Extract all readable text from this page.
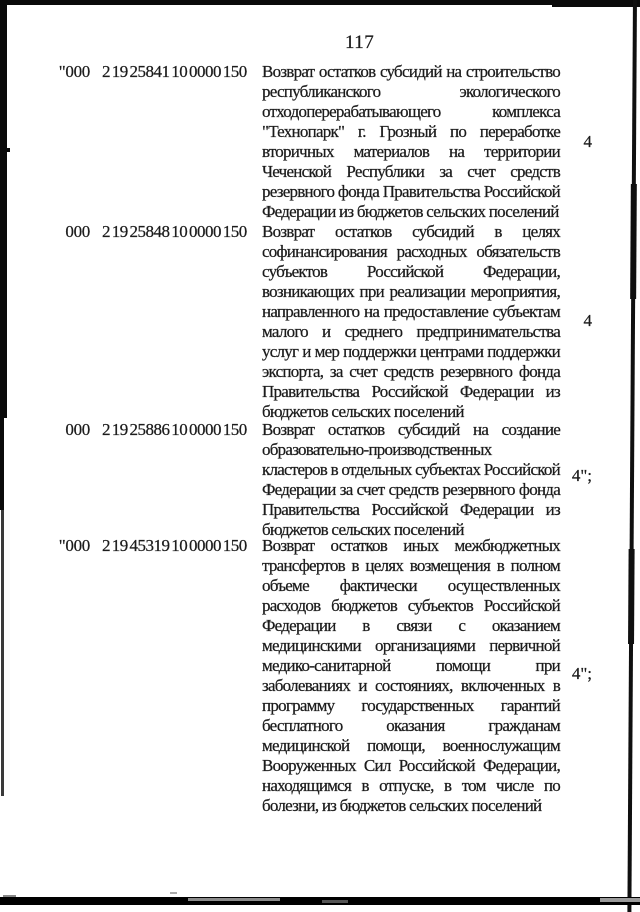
117
"000 2 19 25841 10 0000 150 Возврат остатков субсидий на строительство республиканского экологического отходоперерабатывающего комплекса "Технопарк" г. Грозный по переработке вторичных материалов на территории Чеченской Республики за счет средств резервного фонда Правительства Российской Федерации из бюджетов сельских поселений
000 2 19 25848 10 0000 150 Возврат остатков субсидий в целях софинансирования расходных обязательств субъектов Российской Федерации, возникающих при реализации мероприятия, направленного на предоставление субъектам малого и среднего предпринимательства услуг и мер поддержки центрами поддержки экспорта, за счет средств резервного фонда Правительства Российской Федерации из бюджетов сельских поселений
000 2 19 25886 10 0000 150 Возврат остатков субсидий на создание образовательно-производственных кластеров в отдельных субъектах Российской Федерации за счет средств резервного фонда Правительства Российской Федерации из бюджетов сельских поселений
"000 2 19 45319 10 0000 150 Возврат остатков иных межбюджетных трансфертов в целях возмещения в полном объеме фактически осуществленных расходов бюджетов субъектов Российской Федерации в связи с оказанием медицинскими организациями первичной медико-санитарной помощи при заболеваниях и состояниях, включенных в программу государственных гарантий бесплатного оказания гражданам медицинской помощи, военнослужащим Вооруженных Сил Российской Федерации, находящимся в отпуске, в том числе по болезни, из бюджетов сельских поселений
4
4
4";
4";
